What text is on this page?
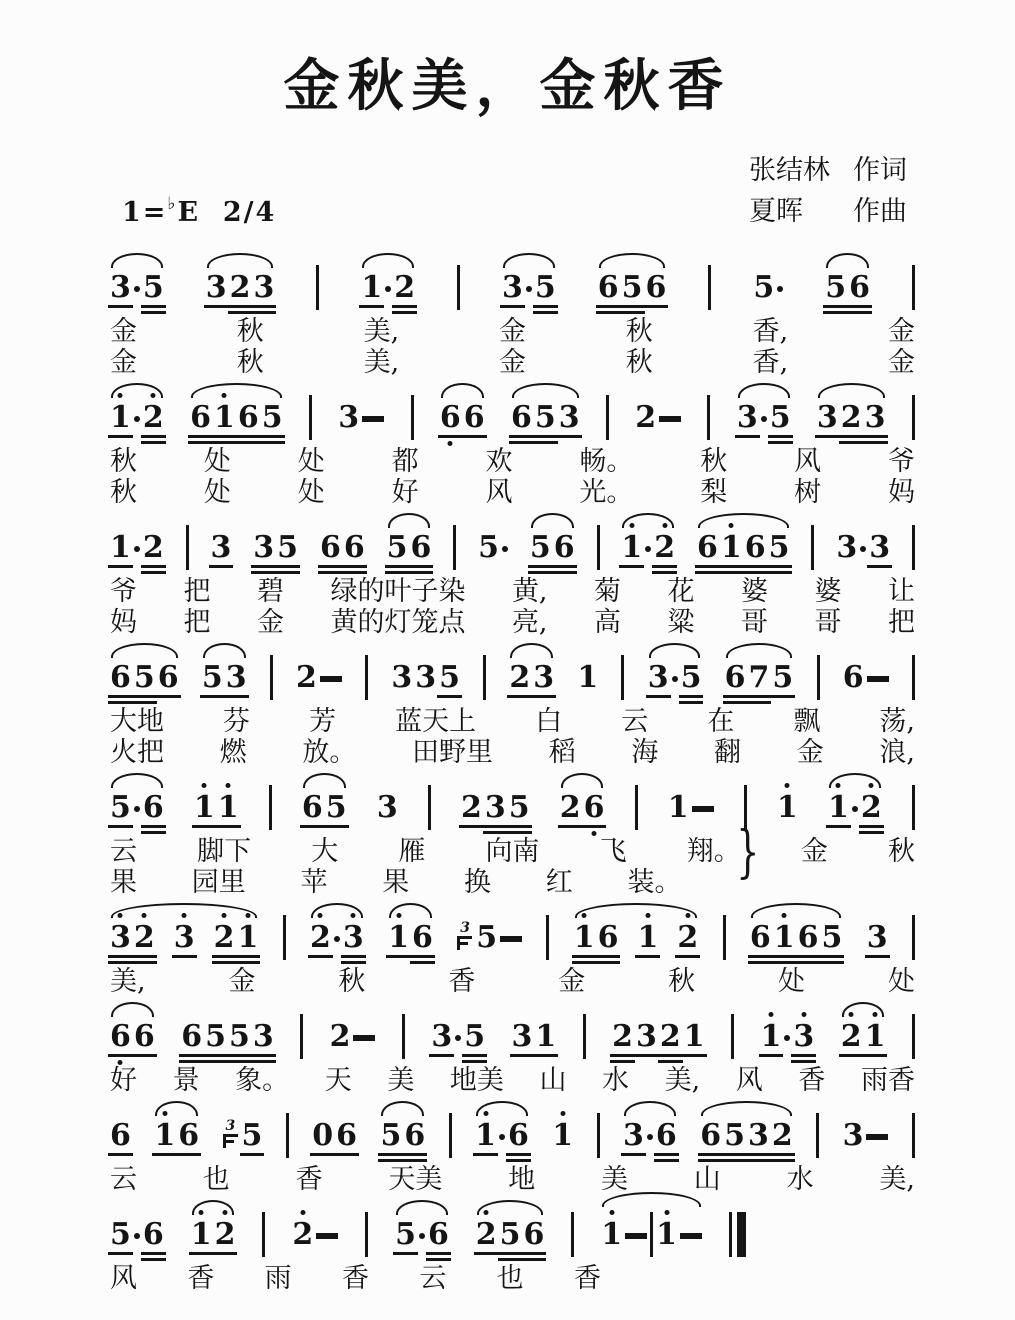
金秋美，金秋香
1=♭E 2/4
张结林 作词
夏晖	作曲
3 5 3 2 3	1 2	3 5 6 5 6	5 5 6
金	秋	美,	金	秋	香,	金
金	秋	美,	金	秋	香,	金
1 2 6 1 6 5 3	6 6 6 5 3 2	3 5 3 2 3
秋 处 处 都 欢 畅。 秋 风 爷
秋 处 处 好 风 光。 梨 树 妈
1 2 3 3 5 6 6 5 6 5 5 6 1 2 6 1 6 5 3 3
爷 把 碧 绿的叶子染 黄, 菊 花 婆 婆 让
妈 把 金 黄的灯笼点 亮, 高 粱 哥 哥 把
6 5 6 5 3 2 3 3 5 2 3 1 3 5 6 7 5 6
大地 芬 芳 蓝天上 白 云 在 飘 荡,
火把 燃 放。 田野里 稻 海 翻 金 浪,
5 6 1 1 6 5 3 2 3 5 2 6 1	1 1 2
云 脚下 大 雁 向南 飞 翔。 金 秋
果 园里 苹 果 换 红 装。 }
3 2 3 2 1 2 3 1 6 3 5	1 6 1 2 6 1 6 5 3
美,	金	秋	香	金	秋	处	处
6 6 6 5 5 3 2	3 5 3 1 2 3 2 1 1 3 2 1
好 景 象。 天 美 地美 山 水 美, 风 香 雨香
6 1 6 3 5 0 6 5 6 1 6 1 3 6 6 5 3 2 3
云 也 香 天美 地 美 山 水 美,
5 6 1 2 2	5 6 2 5 6 1 1
风 香 雨 香 云 也 香
